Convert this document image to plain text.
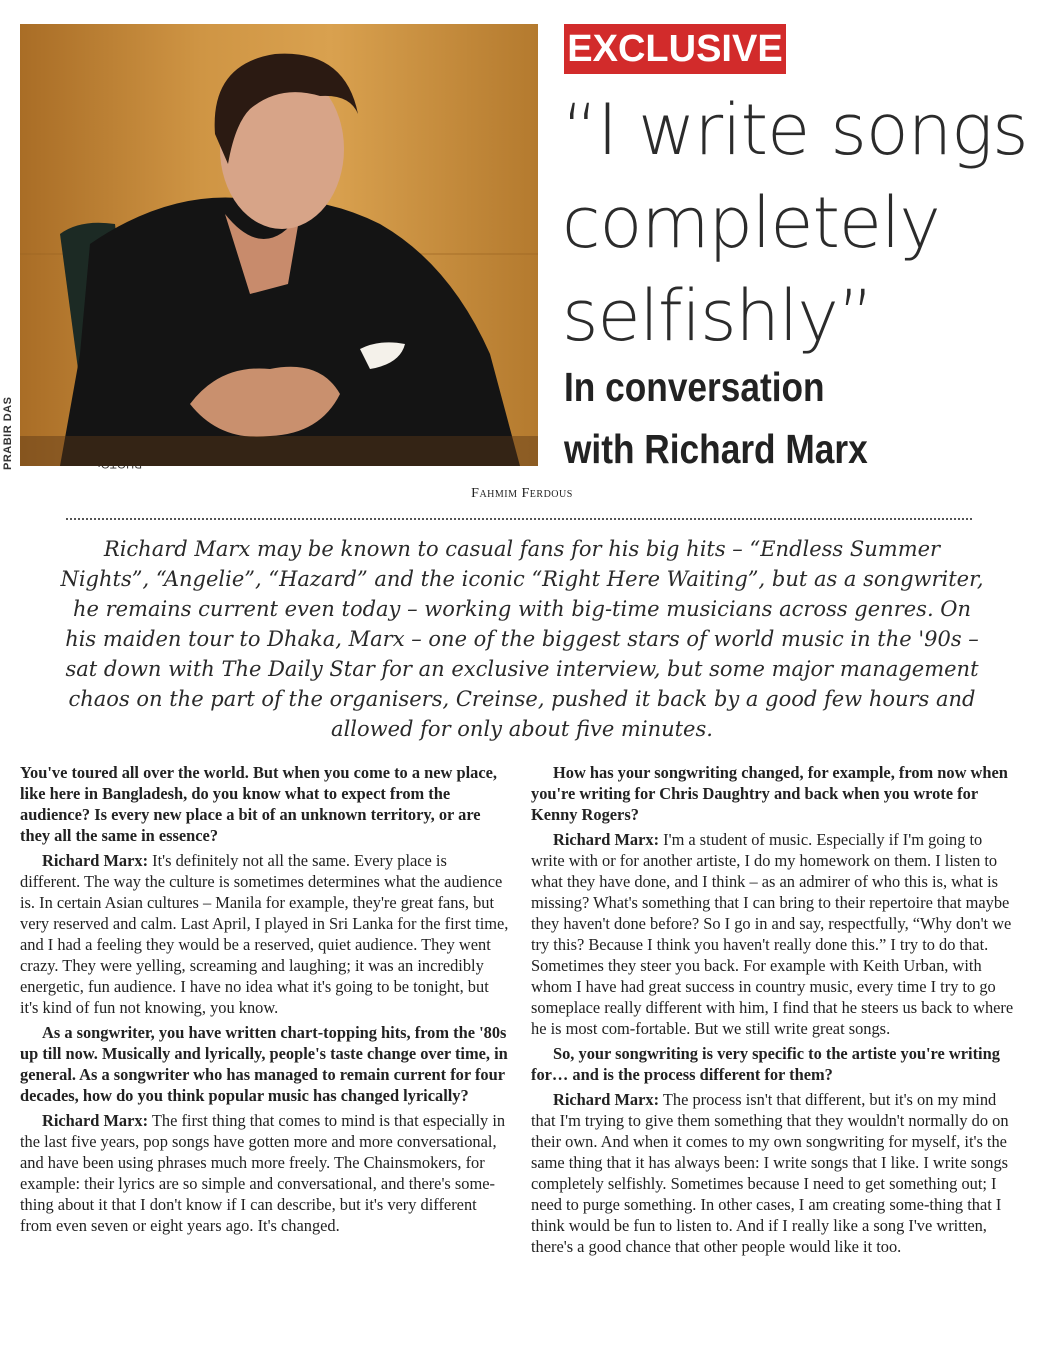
PRABIR DAS
EXCLUSIVE
“I write songs completely selfishly”
In conversation
with Richard Marx
Fahmim Ferdous

Richard Marx may be known to casual fans for his big hits – “Endless Summer Nights”, “Angelie”, “Hazard” and the iconic “Right Here Waiting”, but as a songwriter, he remains current even today – working with big-time musicians across genres. On his maiden tour to Dhaka, Marx – one of the biggest stars of world music in the '90s – sat down with The Daily Star for an exclusive interview, but some major management chaos on the part of the organisers, Creinse, pushed it back by a good few hours and allowed for only about five minutes.

You've toured all over the world. But when you come to a new place, like here in Bangladesh, do you know what to expect from the audience? Is every new place a bit of an unknown territory, or are they all the same in essence?

Richard Marx: It's definitely not all the same. Every place is different. The way the culture is sometimes determines what the audience is. In certain Asian cultures – Manila for example, they're great fans, but very reserved and calm. Last April, I played in Sri Lanka for the first time, and I had a feeling they would be a reserved, quiet audience. They went crazy. They were yelling, screaming and laughing; it was an incredibly energetic, fun audience. I have no idea what it's going to be tonight, but it's kind of fun not knowing, you know.

As a songwriter, you have written chart-topping hits, from the '80s up till now. Musically and lyrically, people's taste change over time, in general. As a songwriter who has managed to remain current for four decades, how do you think popular music has changed lyrically?

Richard Marx: The first thing that comes to mind is that especially in the last five years, pop songs have gotten more and more conversational, and have been using phrases much more freely. The Chainsmokers, for example: their lyrics are so simple and conversational, and there's some-thing about it that I don't know if I can describe, but it's very different from even seven or eight years ago. It's changed.

How has your songwriting changed, for example, from now when you're writing for Chris Daughtry and back when you wrote for Kenny Rogers?

Richard Marx: I'm a student of music. Especially if I'm going to write with or for another artiste, I do my homework on them. I listen to what they have done, and I think – as an admirer of who this is, what is missing? What's something that I can bring to their repertoire that maybe they haven't done before? So I go in and say, respectfully, “Why don't we try this? Because I think you haven't really done this.” I try to do that. Sometimes they steer you back. For example with Keith Urban, with whom I have had great success in country music, every time I try to go someplace really different with him, I find that he steers us back to where he is most com-fortable. But we still write great songs.

So, your songwriting is very specific to the artiste you're writing for… and is the process different for them?

Richard Marx: The process isn't that different, but it's on my mind that I'm trying to give them something that they wouldn't normally do on their own. And when it comes to my own songwriting for myself, it's the same thing that it has always been: I write songs that I like. I write songs completely selfishly. Sometimes because I need to get something out; I need to purge something. In other cases, I am creating some-thing that I think would be fun to listen to. And if I really like a song I've written, there's a good chance that other people would like it too.
